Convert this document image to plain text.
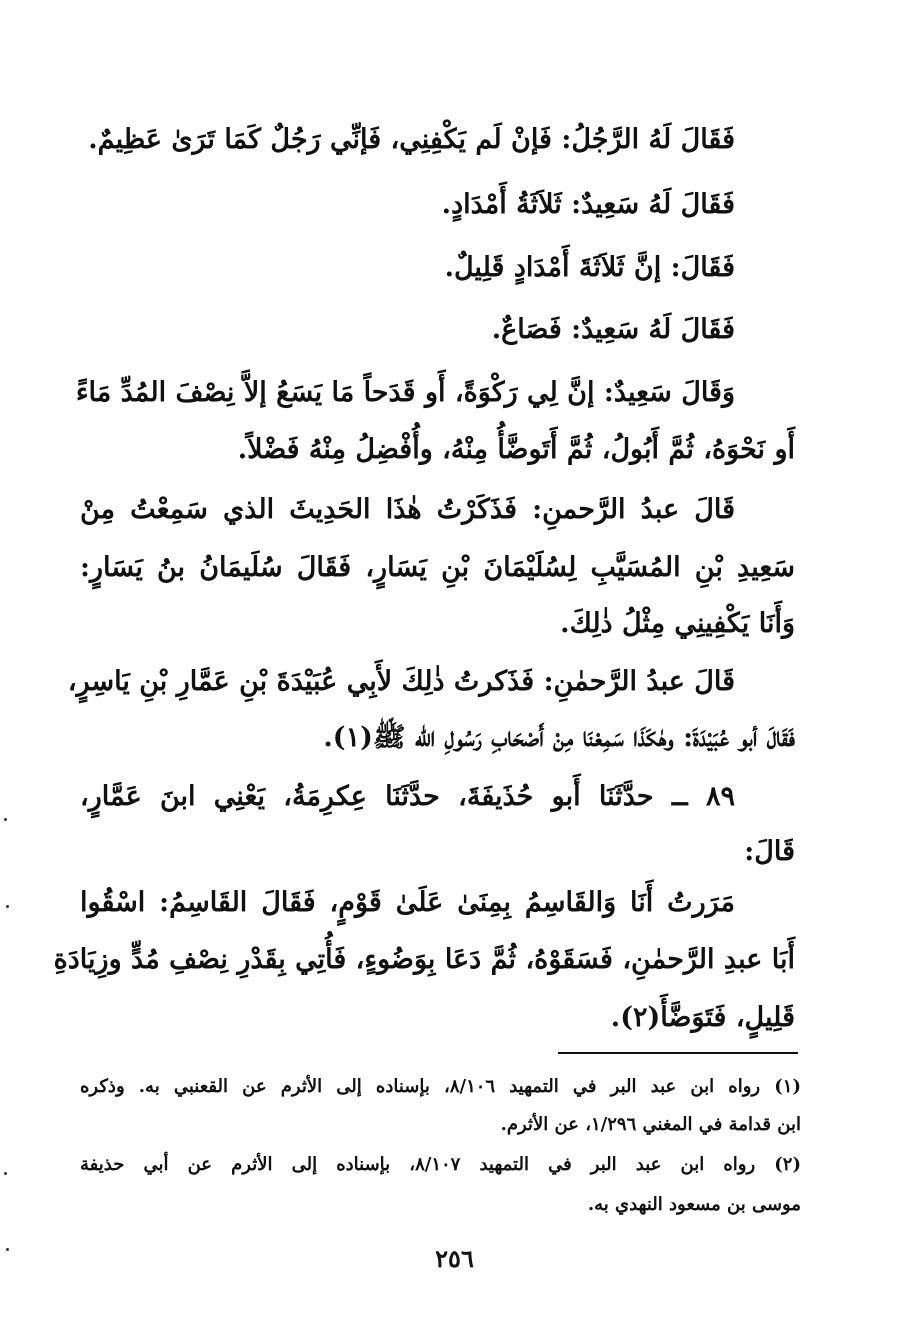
فَقَالَ لَهُ الرَّجُلُ: فَإنْ لَم يَكْفِنِي، فَإنِّي رَجُلٌ كَمَا تَرَىٰ عَظِيمٌ.
فَقَالَ لَهُ سَعِيدٌ: ثَلاَثَةُ أَمْدَادٍ.
فَقَالَ: إنَّ ثَلاَثَةَ أَمْدَادٍ قَلِيلٌ.
فَقَالَ لَهُ سَعِيدٌ: فَصَاعٌ.
وَقَالَ سَعِيدٌ: إنَّ لِي رَكْوَةً، أَو قَدَحاً مَا يَسَعُ إلاَّ نِصْفَ المُدِّ مَاءً
أَو نَحْوَهُ، ثُمَّ أَبُولُ، ثُمَّ أَتَوضَّأُ مِنْهُ، وأُفْضِلُ مِنْهُ فَضْلاً.
قَالَ عبدُ الرَّحمنِ: فَذَكَرْتُ هٰذَا الحَدِيثَ الذي سَمِعْتُ مِنْ
سَعِيدِ بْنِ المُسَيَّبِ لِسُلَيْمَانَ بْنِ يَسَارٍ، فَقَالَ سُلَيمَانُ بنُ يَسَارٍ:
وَأَنَا يَكْفِينِي مِثْلُ ذٰلِكَ.
قَالَ عبدُ الرَّحمٰنِ: فَذَكرتُ ذٰلِكَ لأَبِي عُبَيْدَةَ بْنِ عَمَّارِ بْنِ يَاسِرٍ،
فَقَالَ أبو عُبَيْدَةَ: وهٰكَذَا سَمِعْنَا مِنْ أَصْحَابِ رَسُولِ الله ﷺ(١).
٨٩ ــ حدَّثَنَا أَبو حُذَيفَةَ، حدَّثَنَا عِكرِمَةُ، يَعْنِي ابنَ عَمَّارٍ،
قَالَ:
مَرَرتُ أَنَا وَالقَاسِمُ بِمِنَىٰ عَلَىٰ قَوْمٍ، فَقَالَ القَاسِمُ: اسْقُوا
أَبَا عبدِ الرَّحمٰنِ، فَسَقَوْهُ، ثُمَّ دَعَا بِوَضُوءٍ، فَأُتِي بِقَدْرِ نِصْفِ مُدٍّ وزِيَادَةِ
قَلِيلٍ، فَتَوَضَّأَ(٢).
(١) رواه ابن عبد البر في التمهيد ٨/١٠٦، بإسناده إلى الأثرم عن القعنبي به. وذكره
ابن قدامة في المغني ١/٢٩٦، عن الأثرم.
(٢) رواه ابن عبد البر في التمهيد ٨/١٠٧، بإسناده إلى الأثرم عن أبي حذيفة
موسى بن مسعود النهدي به.
٢٥٦
